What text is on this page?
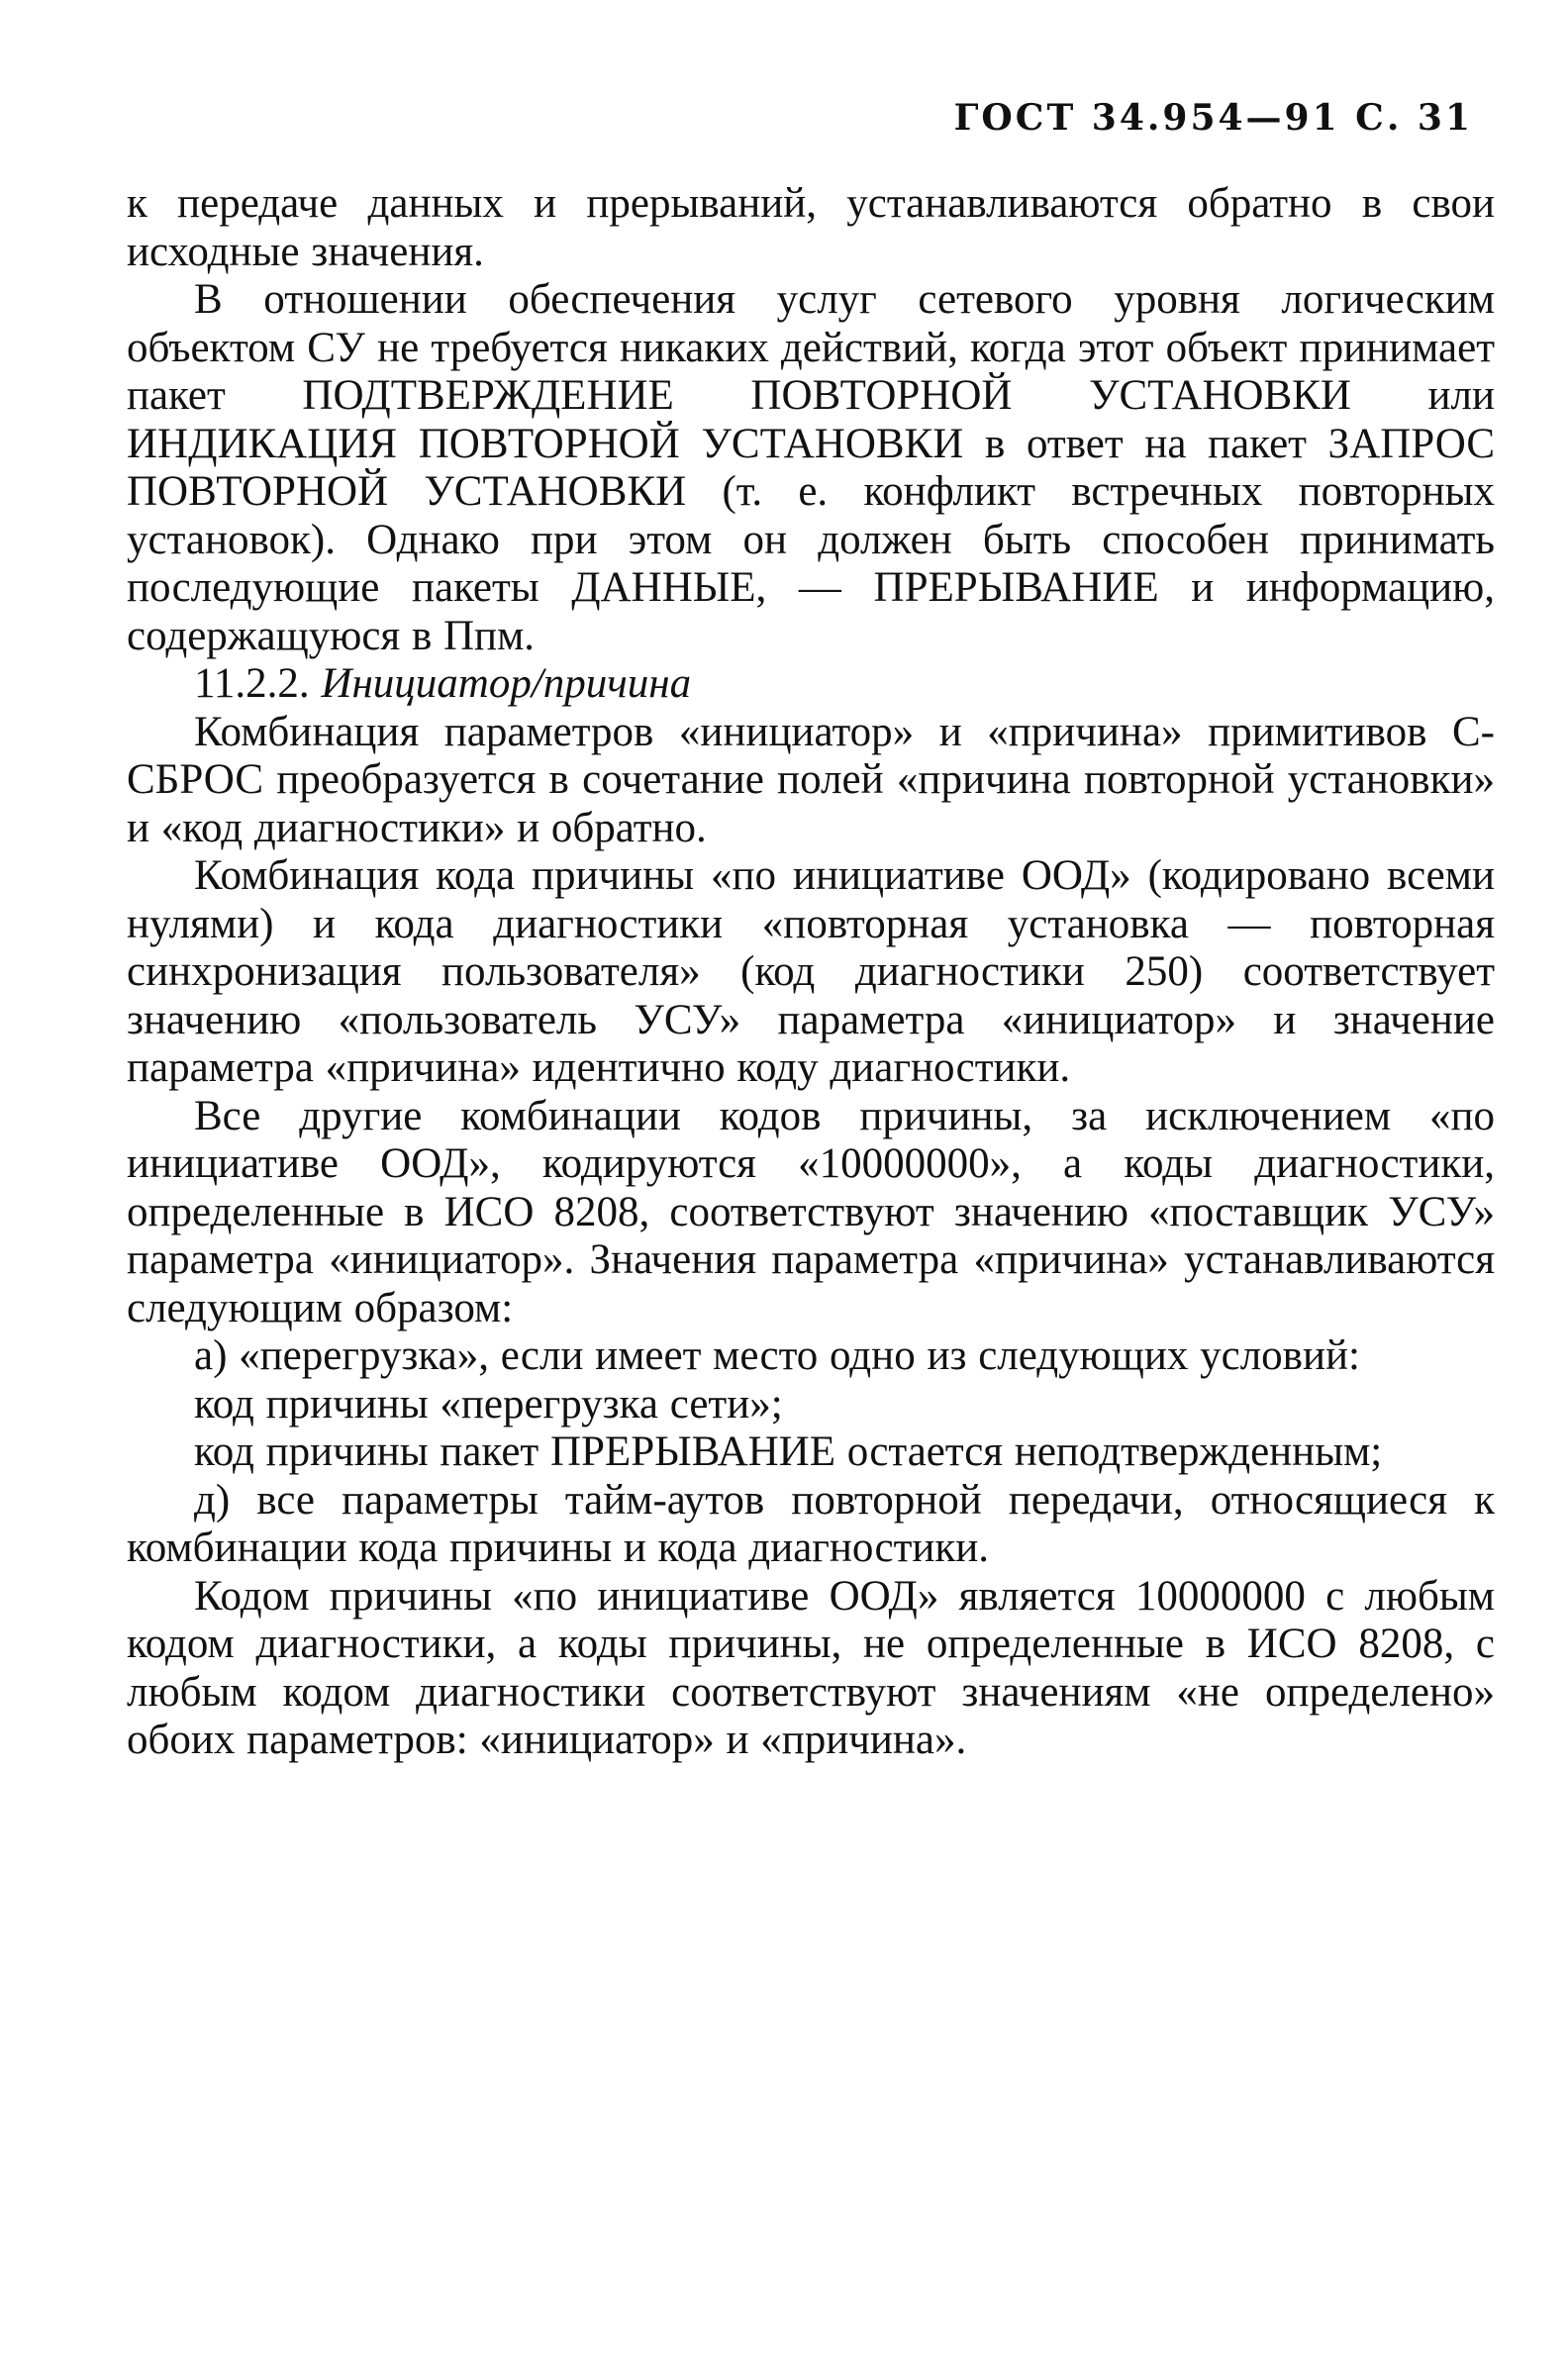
ГОСТ 34.954—91 С. 31

к передаче данных и прерываний, устанавливаются обратно в свои исходные значения.

В отношении обеспечения услуг сетевого уровня логическим объектом СУ не требуется никаких действий, когда этот объект принимает пакет ПОДТВЕРЖДЕНИЕ ПОВТОРНОЙ УСТАНОВКИ или ИНДИКАЦИЯ ПОВТОРНОЙ УСТАНОВКИ в ответ на пакет ЗАПРОС ПОВТОРНОЙ УСТАНОВКИ (т. е. конфликт встречных повторных установок). Однако при этом он должен быть способен принимать последующие пакеты ДАННЫЕ, — ПРЕРЫВАНИЕ и информацию, содержащуюся в Ппм.

11.2.2. Инициатор/причина

Комбинация параметров «инициатор» и «причина» примитивов С-СБРОС преобразуется в сочетание полей «причина повторной установки» и «код диагностики» и обратно.

Комбинация кода причины «по инициативе ООД» (кодировано всеми нулями) и кода диагностики «повторная установка — повторная синхронизация пользователя» (код диагностики 250) соответствует значению «пользователь УСУ» параметра «инициатор» и значение параметра «причина» идентично коду диагностики.

Все другие комбинации кодов причины, за исключением «по инициативе ООД», кодируются «10000000», а коды диагностики, определенные в ИСО 8208, соответствуют значению «поставщик УСУ» параметра «инициатор». Значения параметра «причина» устанавливаются следующим образом:

а) «перегрузка», если имеет место одно из следующих условий:

код причины «перегрузка сети»;

код причины пакет ПРЕРЫВАНИЕ остается неподтвержденным;

д) все параметры тайм-аутов повторной передачи, относящиеся к комбинации кода причины и кода диагностики.

Кодом причины «по инициативе ООД» является 10000000 с любым кодом диагностики, а коды причины, не определенные в ИСО 8208, с любым кодом диагностики соответствуют значениям «не определено» обоих параметров: «инициатор» и «причина».
